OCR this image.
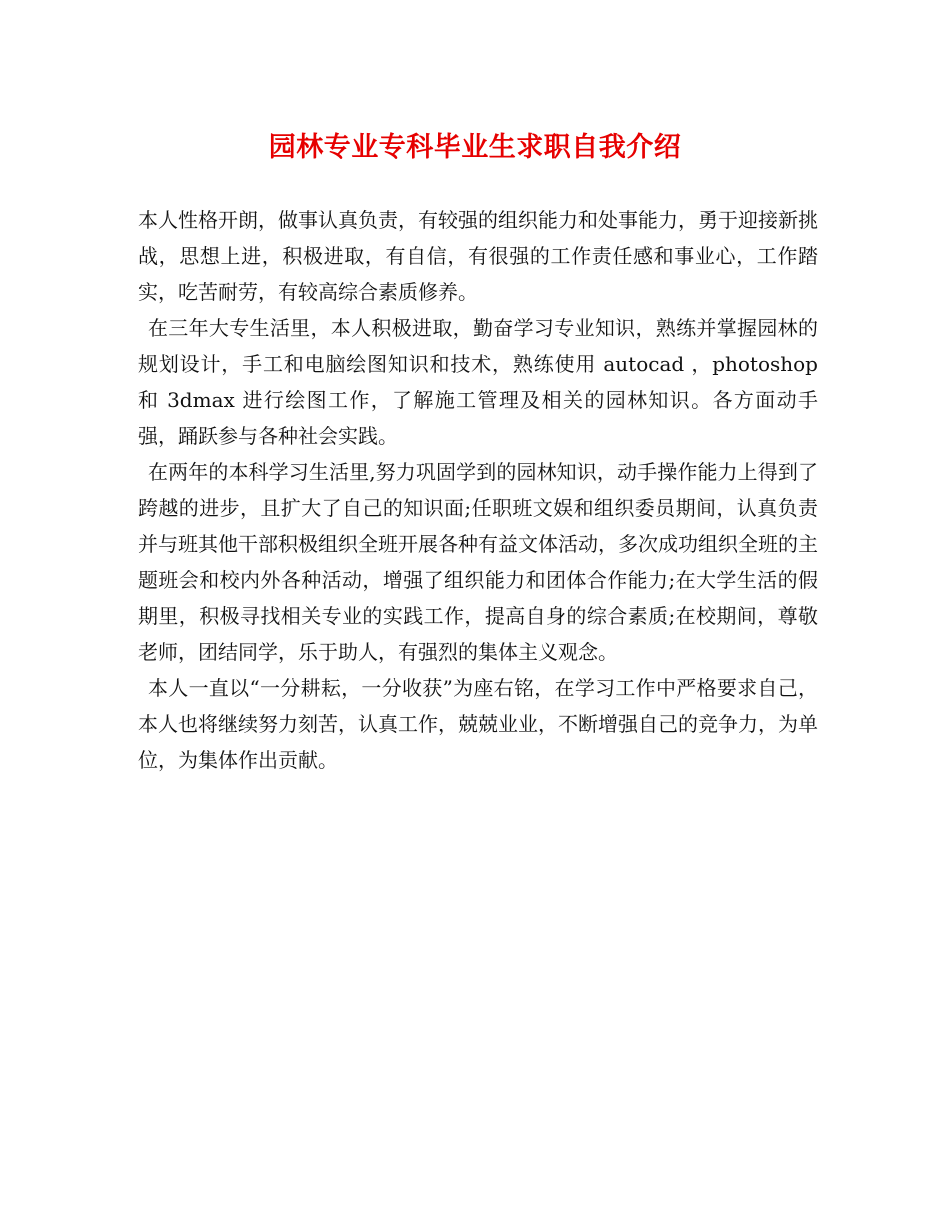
园林专业专科毕业生求职自我介绍

本人性格开朗，做事认真负责，有较强的组织能力和处事能力，勇于迎接新挑战，思想上进，积极进取，有自信，有很强的工作责任感和事业心，工作踏实，吃苦耐劳，有较高综合素质修养。

在三年大专生活里，本人积极进取，勤奋学习专业知识，熟练并掌握园林的规划设计，手工和电脑绘图知识和技术，熟练使用 autocad ，photoshop 和 3dmax 进行绘图工作，了解施工管理及相关的园林知识。各方面动手强，踊跃参与各种社会实践。

在两年的本科学习生活里,努力巩固学到的园林知识，动手操作能力上得到了跨越的进步，且扩大了自己的知识面;任职班文娱和组织委员期间，认真负责并与班其他干部积极组织全班开展各种有益文体活动，多次成功组织全班的主题班会和校内外各种活动，增强了组织能力和团体合作能力;在大学生活的假期里，积极寻找相关专业的实践工作，提高自身的综合素质;在校期间，尊敬老师，团结同学，乐于助人，有强烈的集体主义观念。

本人一直以“一分耕耘，一分收获”为座右铭，在学习工作中严格要求自己，本人也将继续努力刻苦，认真工作，兢兢业业，不断增强自己的竞争力，为单位，为集体作出贡献。
